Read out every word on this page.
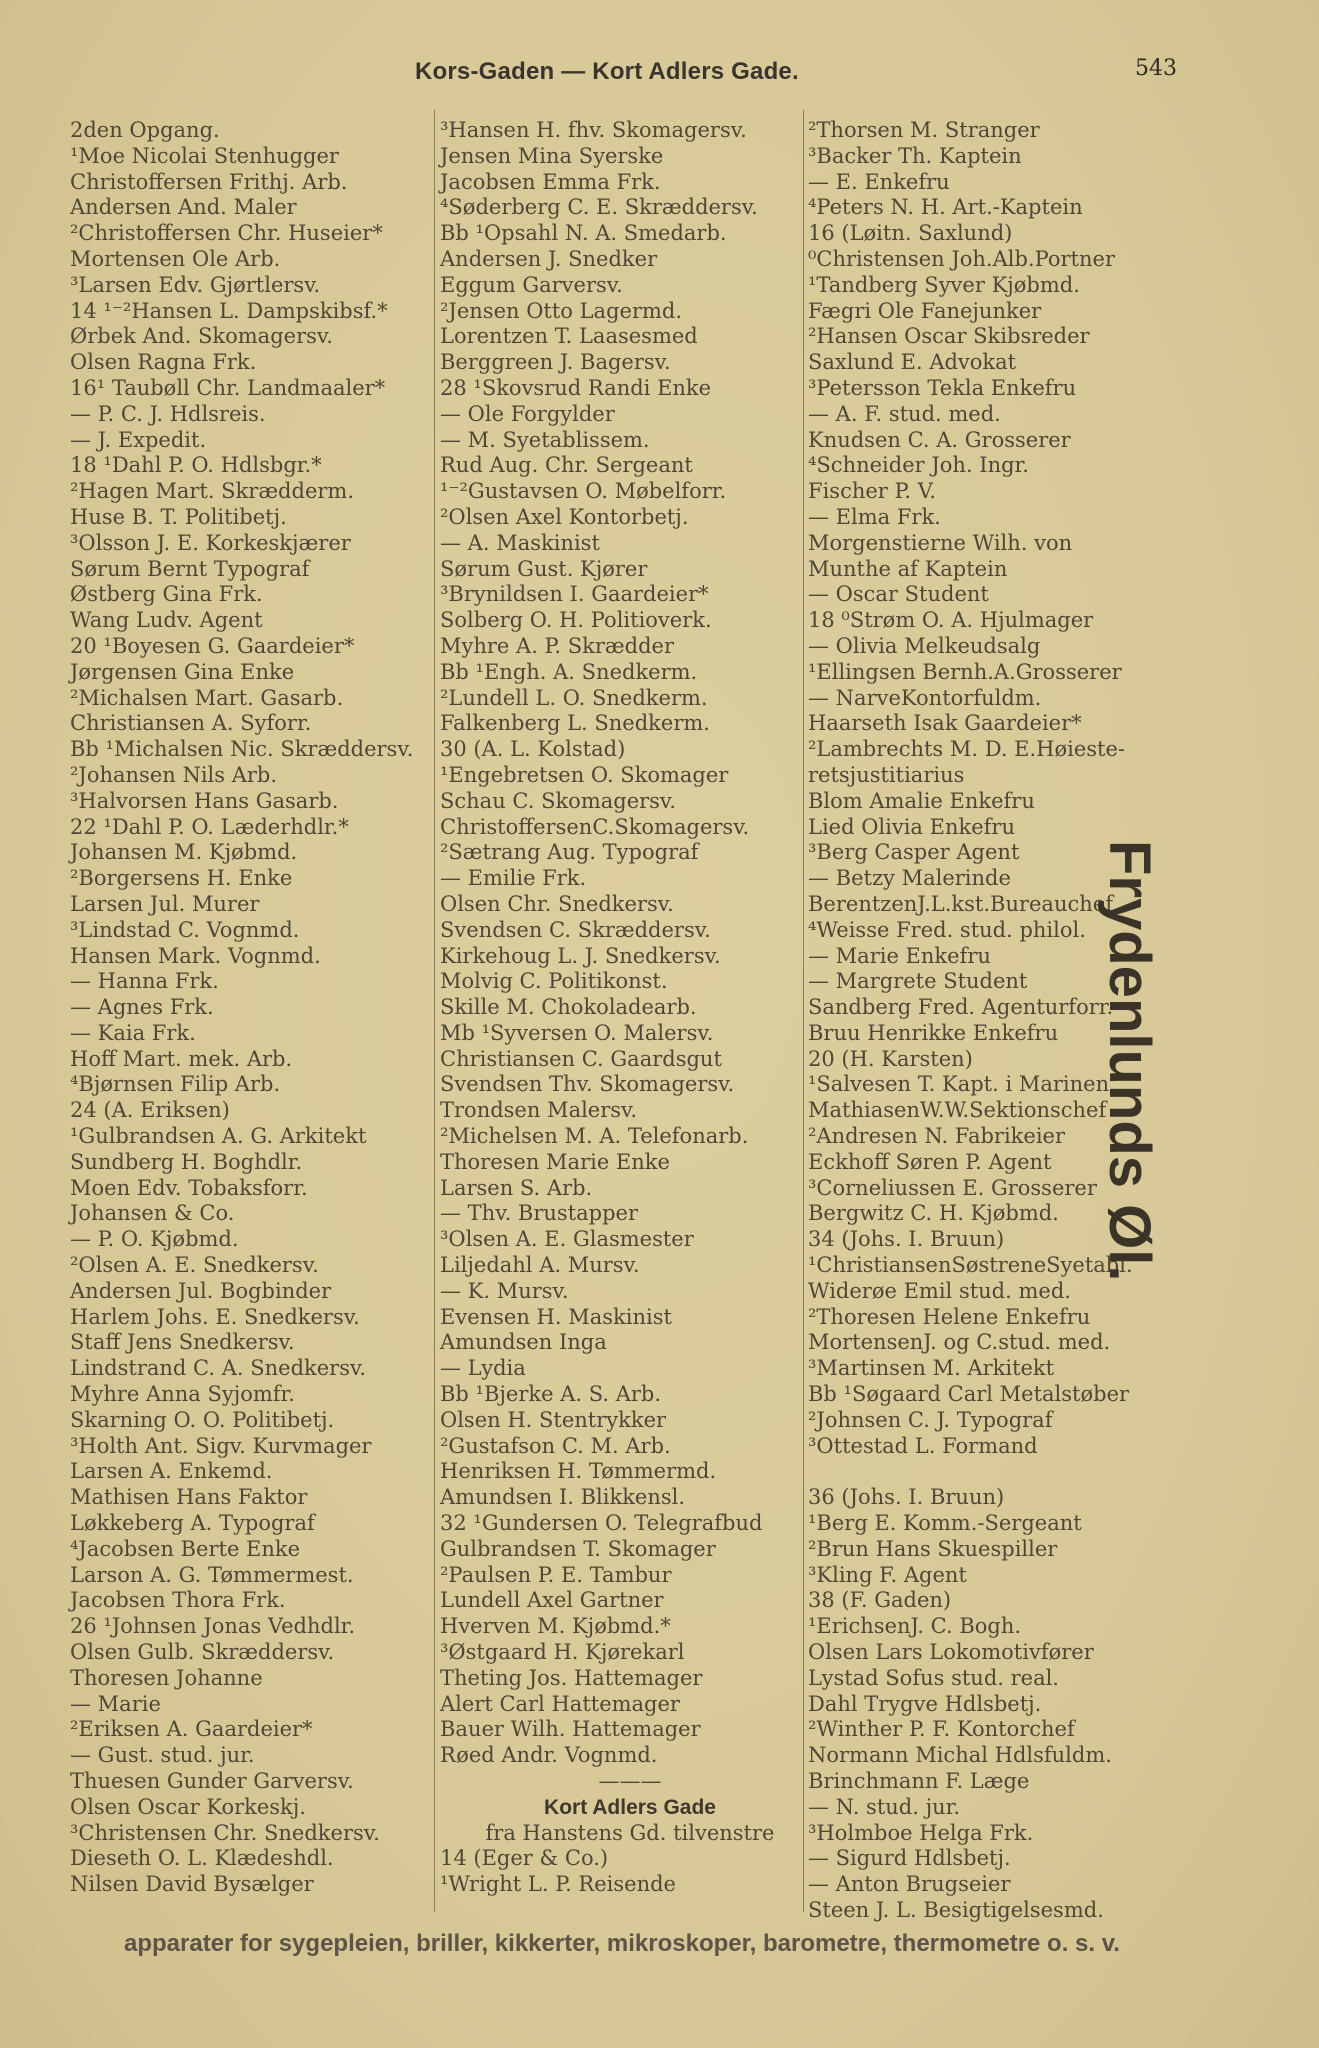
Kors-Gaden — Kort Adlers Gade.	543
2den Opgang.
¹Moe Nicolai Stenhugger
Christoffersen Frithj. Arb.
Andersen And. Maler
²Christoffersen Chr. Huseier*
Mortensen Ole Arb.
³Larsen Edv. Gjørtlersv.
14 ¹⁻²Hansen L. Dampskibsf.*
Ørbek And. Skomagersv.
Olsen Ragna Frk.
16¹ Taubøll Chr. Landmaaler*
— P. C. J. Hdlsreis.
— J. Expedit.
18 ¹Dahl P. O. Hdlsbgr.*
²Hagen Mart. Skrædderm.
Huse B. T. Politibetj.
³Olsson J. E. Korkeskjærer
Sørum Bernt Typograf
Østberg Gina Frk.
Wang Ludv. Agent
20 ¹Boyesen G. Gaardeier*
Jørgensen Gina Enke
²Michalsen Mart. Gasarb.
Christiansen A. Syforr.
Bb ¹Michalsen Nic. Skræddersv.
²Johansen Nils Arb.
³Halvorsen Hans Gasarb.
22 ¹Dahl P. O. Læderhdlr.*
Johansen M. Kjøbmd.
²Borgersens H. Enke
Larsen Jul. Murer
³Lindstad C. Vognmd.
Hansen Mark. Vognmd.
— Hanna Frk.
— Agnes Frk.
— Kaia Frk.
Hoff Mart. mek. Arb.
⁴Bjørnsen Filip Arb.
24 (A. Eriksen)
¹Gulbrandsen A. G. Arkitekt
Sundberg H. Boghdlr.
Moen Edv. Tobaksforr.
Johansen & Co.
— P. O. Kjøbmd.
²Olsen A. E. Snedkersv.
Andersen Jul. Bogbinder
Harlem Johs. E. Snedkersv.
Staff Jens Snedkersv.
Lindstrand C. A. Snedkersv.
Myhre Anna Syjomfr.
Skarning O. O. Politibetj.
³Holth Ant. Sigv. Kurvmager
Larsen A. Enkemd.
Mathisen Hans Faktor
Løkkeberg A. Typograf
⁴Jacobsen Berte Enke
Larson A. G. Tømmermest.
Jacobsen Thora Frk.
26 ¹Johnsen Jonas Vedhdlr.
Olsen Gulb. Skræddersv.
Thoresen Johanne
— Marie
²Eriksen A. Gaardeier*
— Gust. stud. jur.
Thuesen Gunder Garversv.
Olsen Oscar Korkeskj.
³Christensen Chr. Snedkersv.
Dieseth O. L. Klædeshdl.
Nilsen David Bysælger
³Hansen H. fhv. Skomagersv.
Jensen Mina Syerske
Jacobsen Emma Frk.
⁴Søderberg C. E. Skræddersv.
Bb ¹Opsahl N. A. Smedarb.
Andersen J. Snedker
Eggum Garversv.
²Jensen Otto Lagermd.
Lorentzen T. Laasesmed
Berggreen J. Bagersv.
28 ¹Skovsrud Randi Enke
— Ole Forgylder
— M. Syetablissem.
Rud Aug. Chr. Sergeant
¹⁻²Gustavsen O. Møbelforr.
²Olsen Axel Kontorbetj.
— A. Maskinist
Sørum Gust. Kjører
³Brynildsen I. Gaardeier*
Solberg O. H. Politioverk.
Myhre A. P. Skrædder
Bb ¹Engh. A. Snedkerm.
²Lundell L. O. Snedkerm.
Falkenberg L. Snedkerm.
30 (A. L. Kolstad)
¹Engebretsen O. Skomager
Schau C. Skomagersv.
ChristoffersenC.Skomagersv.
²Sætrang Aug. Typograf
— Emilie Frk.
Olsen Chr. Snedkersv.
Svendsen C. Skræddersv.
Kirkehoug L. J. Snedkersv.
Molvig C. Politikonst.
Skille M. Chokoladearb.
Mb ¹Syversen O. Malersv.
Christiansen C. Gaardsgut
Svendsen Thv. Skomagersv.
Trondsen Malersv.
²Michelsen M. A. Telefonarb.
Thoresen Marie Enke
Larsen S. Arb.
— Thv. Brustapper
³Olsen A. E. Glasmester
Liljedahl A. Mursv.
— K. Mursv.
Evensen H. Maskinist
Amundsen Inga
— Lydia
Bb ¹Bjerke A. S. Arb.
Olsen H. Stentrykker
²Gustafson C. M. Arb.
Henriksen H. Tømmermd.
Amundsen I. Blikkensl.
32 ¹Gundersen O. Telegrafbud
Gulbrandsen T. Skomager
²Paulsen P. E. Tambur
Lundell Axel Gartner
Hverven M. Kjøbmd.*
³Østgaard H. Kjørekarl
Theting Jos. Hattemager
Alert Carl Hattemager
Bauer Wilh. Hattemager
Røed Andr. Vognmd.
———
Kort Adlers Gade
fra Hanstens Gd. tilvenstre
14 (Eger & Co.)
¹Wright L. P. Reisende
²Thorsen M. Stranger
³Backer Th. Kaptein
— E. Enkefru
⁴Peters N. H. Art.-Kaptein
16 (Løitn. Saxlund)
⁰Christensen Joh.Alb.Portner
¹Tandberg Syver Kjøbmd.
Fægri Ole Fanejunker
²Hansen Oscar Skibsreder
Saxlund E. Advokat
³Petersson Tekla Enkefru
— A. F. stud. med.
Knudsen C. A. Grosserer
⁴Schneider Joh. Ingr.
Fischer P. V.
— Elma Frk.
Morgenstierne Wilh. von
Munthe af Kaptein
— Oscar Student
18 ⁰Strøm O. A. Hjulmager
— Olivia Melkeudsalg
¹Ellingsen Bernh.A.Grosserer
— NarveKontorfuldm.
Haarseth Isak Gaardeier*
²Lambrechts M. D. E.Høieste-
retsjustitiarius
Blom Amalie Enkefru
Lied Olivia Enkefru
³Berg Casper Agent
— Betzy Malerinde
BerentzenJ.L.kst.Bureauchef
⁴Weisse Fred. stud. philol.
— Marie Enkefru
— Margrete Student
Sandberg Fred. Agenturforr.
Bruu Henrikke Enkefru
20 (H. Karsten)
¹Salvesen T. Kapt. i Marinen
MathiasenW.W.Sektionschef
²Andresen N. Fabrikeier
Eckhoff Søren P. Agent
³Corneliussen E. Grosserer
Bergwitz C. H. Kjøbmd.
34 (Johs. I. Bruun)
¹ChristiansenSøstreneSyetabl.
Widerøe Emil stud. med.
²Thoresen Helene Enkefru
MortensenJ. og C.stud. med.
³Martinsen M. Arkitekt
Bb ¹Søgaard Carl Metalstøber
²Johnsen C. J. Typograf
³Ottestad L. Formand
36 (Johs. I. Bruun)
¹Berg E. Komm.-Sergeant
²Brun Hans Skuespiller
³Kling F. Agent
38 (F. Gaden)
¹ErichsenJ. C. Bogh.
Olsen Lars Lokomotivfører
Lystad Sofus stud. real.
Dahl Trygve Hdlsbetj.
²Winther P. F. Kontorchef
Normann Michal Hdlsfuldm.
Brinchmann F. Læge
— N. stud. jur.
³Holmboe Helga Frk.
— Sigurd Hdlsbetj.
— Anton Brugseier
Steen J. L. Besigtigelsesmd.
Frydenlunds Øl.
apparater for sygepleien, briller, kikkerter, mikroskoper, barometre, thermometre o. s. v.
